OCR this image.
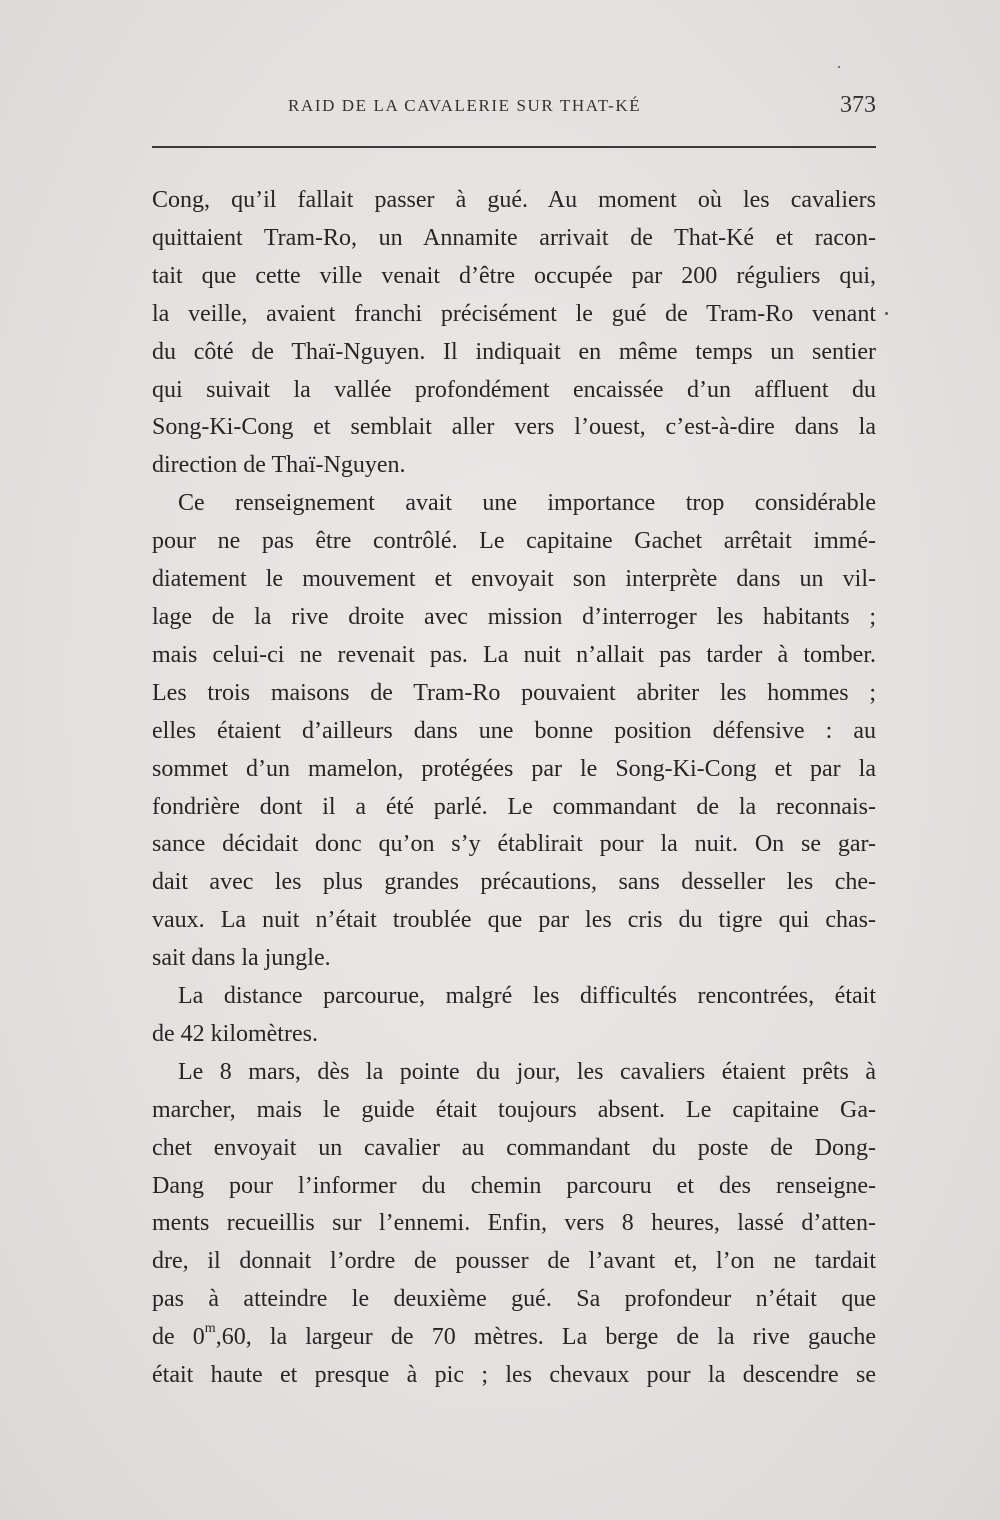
RAID DE LA CAVALERIE SUR THAT-KÉ	373

Cong, qu’il fallait passer à gué. Au moment où les cavaliers

quittaient Tram-Ro, un Annamite arrivait de That-Ké et racon-

tait que cette ville venait d’être occupée par 200 réguliers qui,

la veille, avaient franchi précisément le gué de Tram-Ro venant

du côté de Thaï-Nguyen. Il indiquait en même temps un sentier

qui suivait la vallée profondément encaissée d’un affluent du

Song-Ki-Cong et semblait aller vers l’ouest, c’est-à-dire dans la

direction de Thaï-Nguyen.

Ce renseignement avait une importance trop considérable

pour ne pas être contrôlé. Le capitaine Gachet arrêtait immé-

diatement le mouvement et envoyait son interprète dans un vil-

lage de la rive droite avec mission d’interroger les habitants ;

mais celui-ci ne revenait pas. La nuit n’allait pas tarder à tomber.

Les trois maisons de Tram-Ro pouvaient abriter les hommes ;

elles étaient d’ailleurs dans une bonne position défensive : au

sommet d’un mamelon, protégées par le Song-Ki-Cong et par la

fondrière dont il a été parlé. Le commandant de la reconnais-

sance décidait donc qu’on s’y établirait pour la nuit. On se gar-

dait avec les plus grandes précautions, sans desseller les che-

vaux. La nuit n’était troublée que par les cris du tigre qui chas-

sait dans la jungle.

La distance parcourue, malgré les difficultés rencontrées, était

de 42 kilomètres.

Le 8 mars, dès la pointe du jour, les cavaliers étaient prêts à

marcher, mais le guide était toujours absent. Le capitaine Ga-

chet envoyait un cavalier au commandant du poste de Dong-

Dang pour l’informer du chemin parcouru et des renseigne-

ments recueillis sur l’ennemi. Enfin, vers 8 heures, lassé d’atten-

dre, il donnait l’ordre de pousser de l’avant et, l’on ne tardait

pas à atteindre le deuxième gué. Sa profondeur n’était que

de 0$^m$,60, la largeur de 70 mètres. La berge de la rive gauche

était haute et presque à pic ; les chevaux pour la descendre se
